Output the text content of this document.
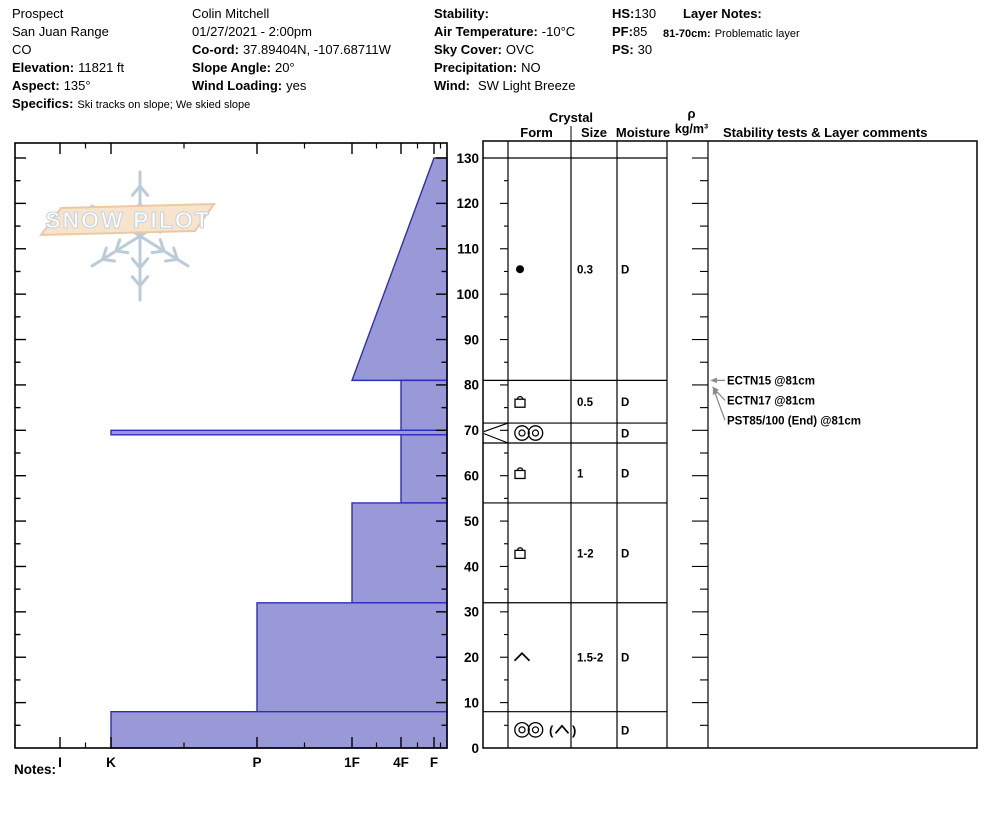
Prospect

San Juan Range

CO

Elevation: 11821 ft

Aspect: 135°

Specifics: Ski tracks on slope; We skied slope

Colin Mitchell

01/27/2021 - 2:00pm

Co-ord: 37.89404N, -107.68711W

Slope Angle: 20°

Wind Loading: yes

Stability:

Air Temperature: -10°C

Sky Cover: OVC

Precipitation: NO

Wind: SW Light Breeze

HS:130

PF:85

PS: 30

Layer Notes:

81-70cm: Problematic layer

SNOW PILOT
I	K	P	1F 4F F
0
10
20
30
40
50
60
70
80
90
100
110
120
130
Crystal
Form Size Moisture
ρ
kg/m³ Stability tests & Layer comments
0.3 D
0.5 D
D
1	D
1-2 D
1.5-2 D
( )	D
ECTN15 @81cm
ECTN17 @81cm
PST85/100 (End) @81cm
Notes:
